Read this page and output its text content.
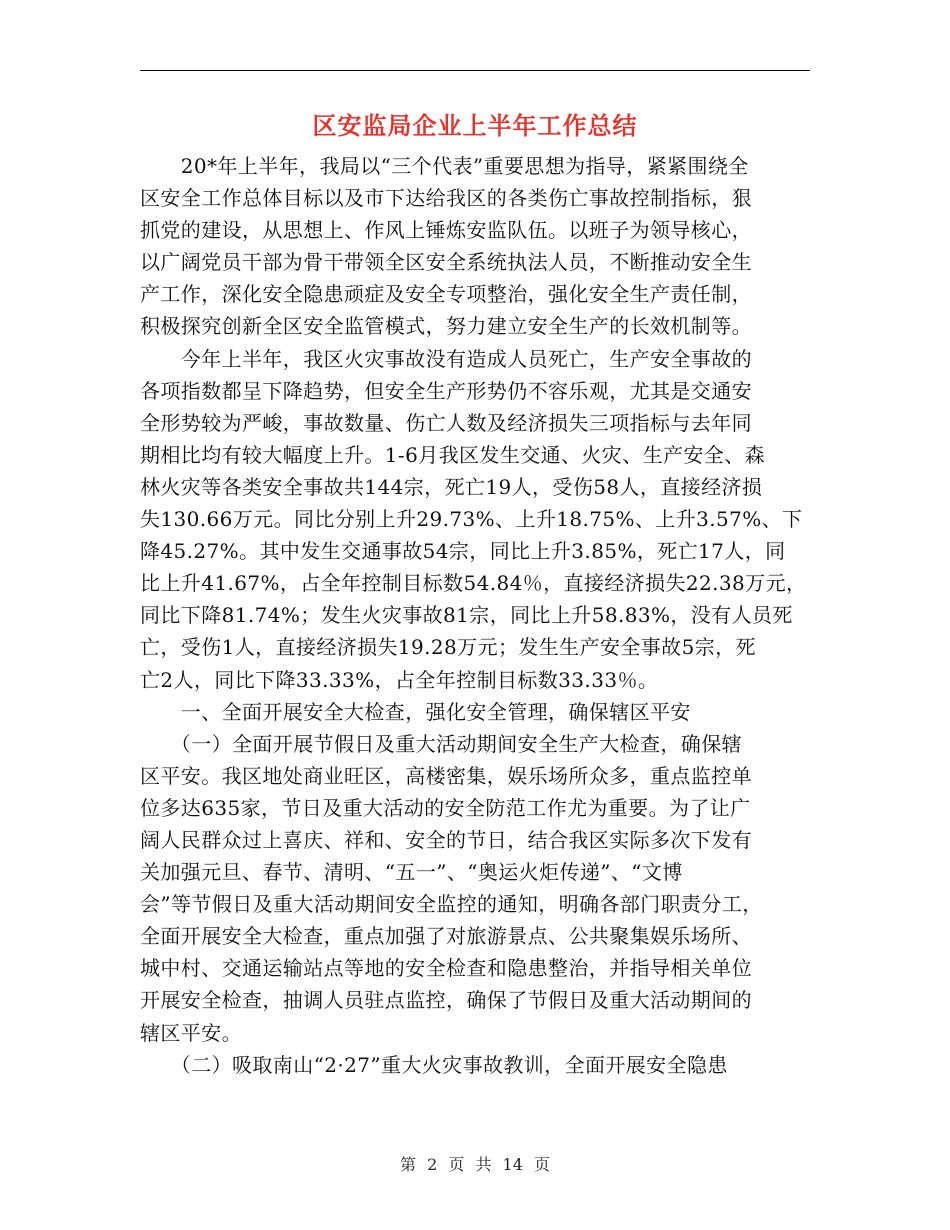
区安监局企业上半年工作总结
　　20*年上半年，我局以“三个代表”重要思想为指导，紧紧围绕全
区安全工作总体目标以及市下达给我区的各类伤亡事故控制指标，狠
抓党的建设，从思想上、作风上锤炼安监队伍。以班子为领导核心，
以广阔党员干部为骨干带领全区安全系统执法人员，不断推动安全生
产工作，深化安全隐患顽症及安全专项整治，强化安全生产责任制，
积极探究创新全区安全监管模式，努力建立安全生产的长效机制等。
　　今年上半年，我区火灾事故没有造成人员死亡，生产安全事故的
各项指数都呈下降趋势，但安全生产形势仍不容乐观，尤其是交通安
全形势较为严峻，事故数量、伤亡人数及经济损失三项指标与去年同
期相比均有较大幅度上升。1-6月我区发生交通、火灾、生产安全、森
林火灾等各类安全事故共144宗，死亡19人，受伤58人，直接经济损
失130.66万元。同比分别上升29.73%、上升18.75%、上升3.57%、下
降45.27%。其中发生交通事故54宗，同比上升3.85%，死亡17人，同
比上升41.67%，占全年控制目标数54.84％，直接经济损失22.38万元，
同比下降81.74%；发生火灾事故81宗，同比上升58.83%，没有人员死
亡，受伤1人，直接经济损失19.28万元；发生生产安全事故5宗，死
亡2人，同比下降33.33%，占全年控制目标数33.33％。
　　一、全面开展安全大检查，强化安全管理，确保辖区平安
　　（一）全面开展节假日及重大活动期间安全生产大检查，确保辖
区平安。我区地处商业旺区，高楼密集，娱乐场所众多，重点监控单
位多达635家，节日及重大活动的安全防范工作尤为重要。为了让广
阔人民群众过上喜庆、祥和、安全的节日，结合我区实际多次下发有
关加强元旦、春节、清明、“五一”、“奥运火炬传递”、“文博
会”等节假日及重大活动期间安全监控的通知，明确各部门职责分工，
全面开展安全大检查，重点加强了对旅游景点、公共聚集娱乐场所、
城中村、交通运输站点等地的安全检查和隐患整治，并指导相关单位
开展安全检查，抽调人员驻点监控，确保了节假日及重大活动期间的
辖区平安。
　　（二）吸取南山“2·27”重大火灾事故教训，全面开展安全隐患
第 2 页 共 14 页
